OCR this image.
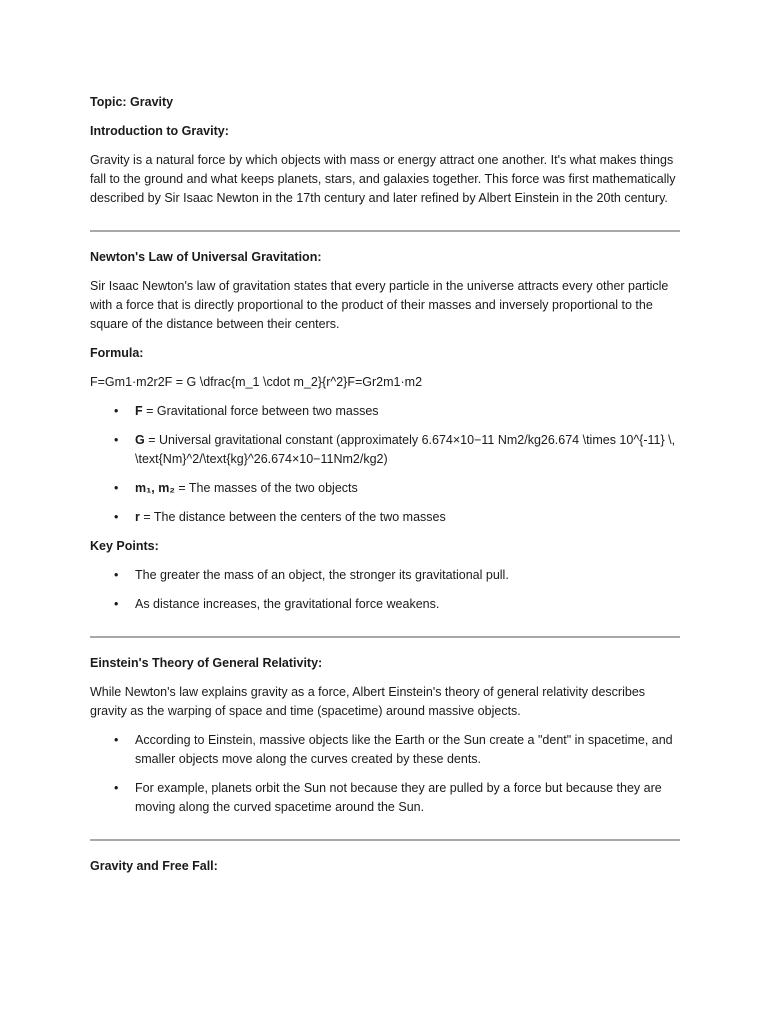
Topic: Gravity

Introduction to Gravity:

Gravity is a natural force by which objects with mass or energy attract one another. It's what makes things fall to the ground and what keeps planets, stars, and galaxies together. This force was first mathematically described by Sir Isaac Newton in the 17th century and later refined by Albert Einstein in the 20th century.

Newton's Law of Universal Gravitation:

Sir Isaac Newton's law of gravitation states that every particle in the universe attracts every other particle with a force that is directly proportional to the product of their masses and inversely proportional to the square of the distance between their centers.

Formula:

F=Gm1·m2r2F = G \dfrac{m_1 \cdot m_2}{r^2}F=Gr2m1·m2

• F = Gravitational force between two masses
• G = Universal gravitational constant (approximately 6.674×10−11 Nm2/kg26.674 \times 10^{-11} \, \text{Nm}^2/\text{kg}^26.674×10−11Nm2/kg2)
• m₁, m₂ = The masses of the two objects
• r = The distance between the centers of the two masses

Key Points:

• The greater the mass of an object, the stronger its gravitational pull.
• As distance increases, the gravitational force weakens.

Einstein's Theory of General Relativity:

While Newton's law explains gravity as a force, Albert Einstein's theory of general relativity describes gravity as the warping of space and time (spacetime) around massive objects.

• According to Einstein, massive objects like the Earth or the Sun create a "dent" in spacetime, and smaller objects move along the curves created by these dents.
• For example, planets orbit the Sun not because they are pulled by a force but because they are moving along the curved spacetime around the Sun.

Gravity and Free Fall:
